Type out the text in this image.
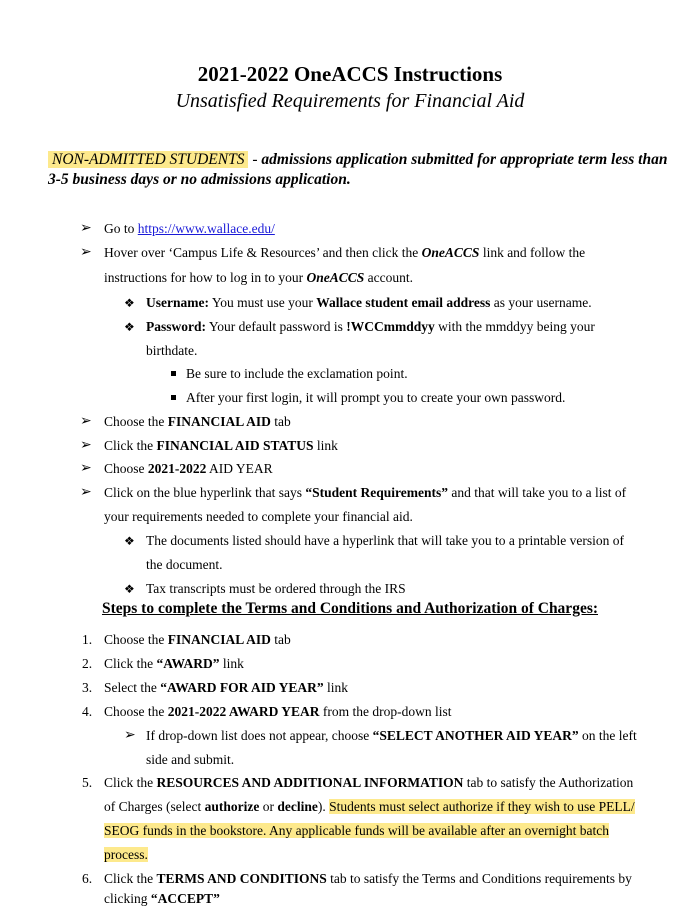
2021-2022 OneACCS Instructions
Unsatisfied Requirements for Financial Aid
NON-ADMITTED STUDENTS - admissions application submitted for appropriate term less than 3-5 business days or no admissions application.
➢ Go to https://www.wallace.edu/
➢ Hover over ‘Campus Life & Resources’ and then click the OneACCS link and follow the
instructions for how to log in to your OneACCS account.
❖ Username: You must use your Wallace student email address as your username.
❖ Password: Your default password is !WCCmmddyy with the mmddyy being your
birthdate.
Be sure to include the exclamation point.
After your first login, it will prompt you to create your own password.
➢ Choose the FINANCIAL AID tab
➢ Click the FINANCIAL AID STATUS link
➢ Choose 2021-2022 AID YEAR
➢ Click on the blue hyperlink that says “Student Requirements” and that will take you to a list of
your requirements needed to complete your financial aid.
❖ The documents listed should have a hyperlink that will take you to a printable version of
the document.
❖ Tax transcripts must be ordered through the IRS
Steps to complete the Terms and Conditions and Authorization of Charges:
1. Choose the FINANCIAL AID tab
2. Click the “AWARD” link
3. Select the “AWARD FOR AID YEAR” link
4. Choose the 2021-2022 AWARD YEAR from the drop-down list
➢ If drop-down list does not appear, choose “SELECT ANOTHER AID YEAR” on the left
side and submit.
5. Click the RESOURCES AND ADDITIONAL INFORMATION tab to satisfy the Authorization
of Charges (select authorize or decline). Students must select authorize if they wish to use PELL/
SEOG funds in the bookstore. Any applicable funds will be available after an overnight batch
process.
6. Click the TERMS AND CONDITIONS tab to satisfy the Terms and Conditions requirements by
clicking “ACCEPT”
